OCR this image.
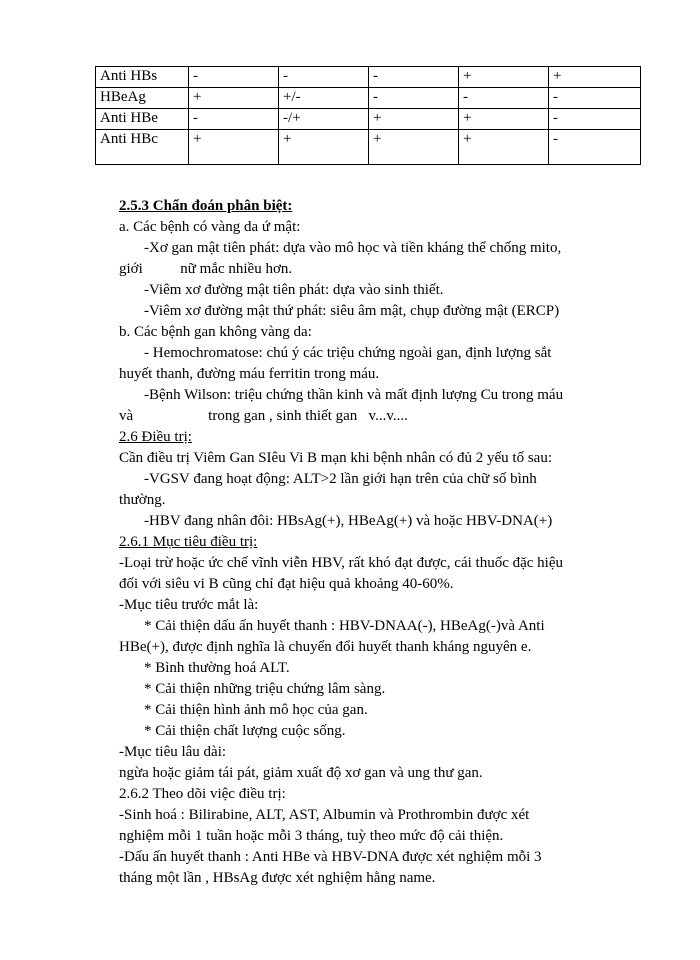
Anti HBs	-	-	-	+	+
HBeAg	+	+/-	-	-	-
Anti HBe	-	-/+	+	+	-
Anti HBc	+	+	+	+	-
2.5.3 Chẩn đoán phân biệt:
a. Các bệnh có vàng da ứ mật:
-Xơ gan mật tiên phát: dựa vào mô học và tiền kháng thể chống mito,
giới          nữ mắc nhiều hơn.
-Viêm xơ đường mật tiên phát: dựa vào sinh thiết.
-Viêm xơ đường mật thứ phát: siêu âm mật, chụp đường mật (ERCP)
b. Các bệnh gan không vàng da:
- Hemochromatose: chú ý các triệu chứng ngoài gan, định lượng sắt
huyết thanh, đường máu ferritin trong máu.
-Bệnh Wilson: triệu chứng thần kinh và mất định lượng Cu trong máu
và                    trong gan , sinh thiết gan   v...v....
2.6 Điều trị:
Cần điều trị Viêm Gan SIêu Vi B mạn khi bệnh nhân có đủ 2 yếu tố sau:
-VGSV đang hoạt động: ALT>2 lần giới hạn trên của chữ số bình
thường.
-HBV đang nhân đôi: HBsAg(+), HBeAg(+) và hoặc HBV-DNA(+)
2.6.1 Mục tiêu điều trị:
-Loại trừ hoặc ức chế vĩnh viễn HBV, rất khó đạt được, cái thuốc đặc hiệu
đối với siêu vi B cũng chỉ đạt hiệu quả khoảng 40-60%.
-Mục tiêu trước mắt là:
* Cải thiện dấu ấn huyết thanh : HBV-DNAA(-), HBeAg(-)và Anti
HBe(+), được định nghĩa là chuyển đổi huyết thanh kháng nguyên e.
* Bình thường hoá ALT.
* Cải thiện những triệu chứng lâm sàng.
* Cải thiện hình ảnh mô học của gan.
* Cải thiện chất lượng cuộc sống.
-Mục tiêu lâu dài:
ngừa hoặc giảm tái pát, giảm xuất độ xơ gan và ung thư gan.
2.6.2 Theo dõi việc điều trị:
-Sinh hoá : Bilirabine, ALT, AST, Albumin và Prothrombin được xét
nghiệm mỗi 1 tuần hoặc mỗi 3 tháng, tuỳ theo mức độ cải thiện.
-Dấu ấn huyết thanh : Anti HBe và HBV-DNA được xét nghiệm mỗi 3
tháng một lần , HBsAg được xét nghiệm hằng name.
